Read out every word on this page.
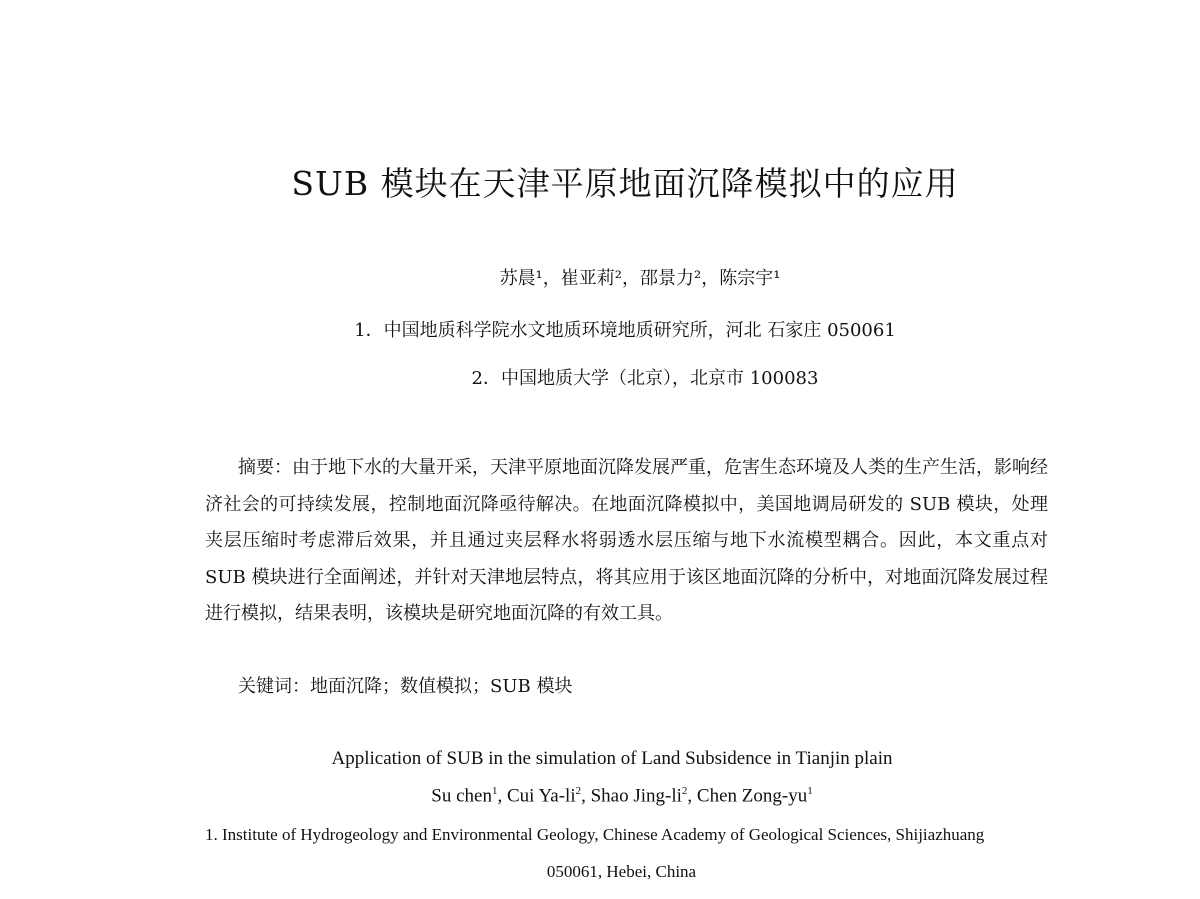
SUB 模块在天津平原地面沉降模拟中的应用
苏晨¹，崔亚莉²，邵景力²，陈宗宇¹
1．中国地质科学院水文地质环境地质研究所，河北 石家庄 050061
2．中国地质大学（北京），北京市 100083
摘要：由于地下水的大量开采，天津平原地面沉降发展严重，危害生态环境及人类的生产生活，影响经济社会的可持续发展，控制地面沉降亟待解决。在地面沉降模拟中，美国地调局研发的 SUB 模块，处理夹层压缩时考虑滞后效果，并且通过夹层释水将弱透水层压缩与地下水流模型耦合。因此，本文重点对 SUB 模块进行全面阐述，并针对天津地层特点，将其应用于该区地面沉降的分析中，对地面沉降发展过程进行模拟，结果表明，该模块是研究地面沉降的有效工具。
关键词：地面沉降；数值模拟；SUB 模块
Application of SUB in the simulation of Land Subsidence in Tianjin plain
Su chen$^1$, Cui $Ya-li^2$, Shao Jing-$li^2$, Chen Zong-$yu^1$
1. Institute of Hydrogeology and Environmental Geology, Chinese Academy of Geological Sciences, Shijiazhuang
050061, Hebei, China
